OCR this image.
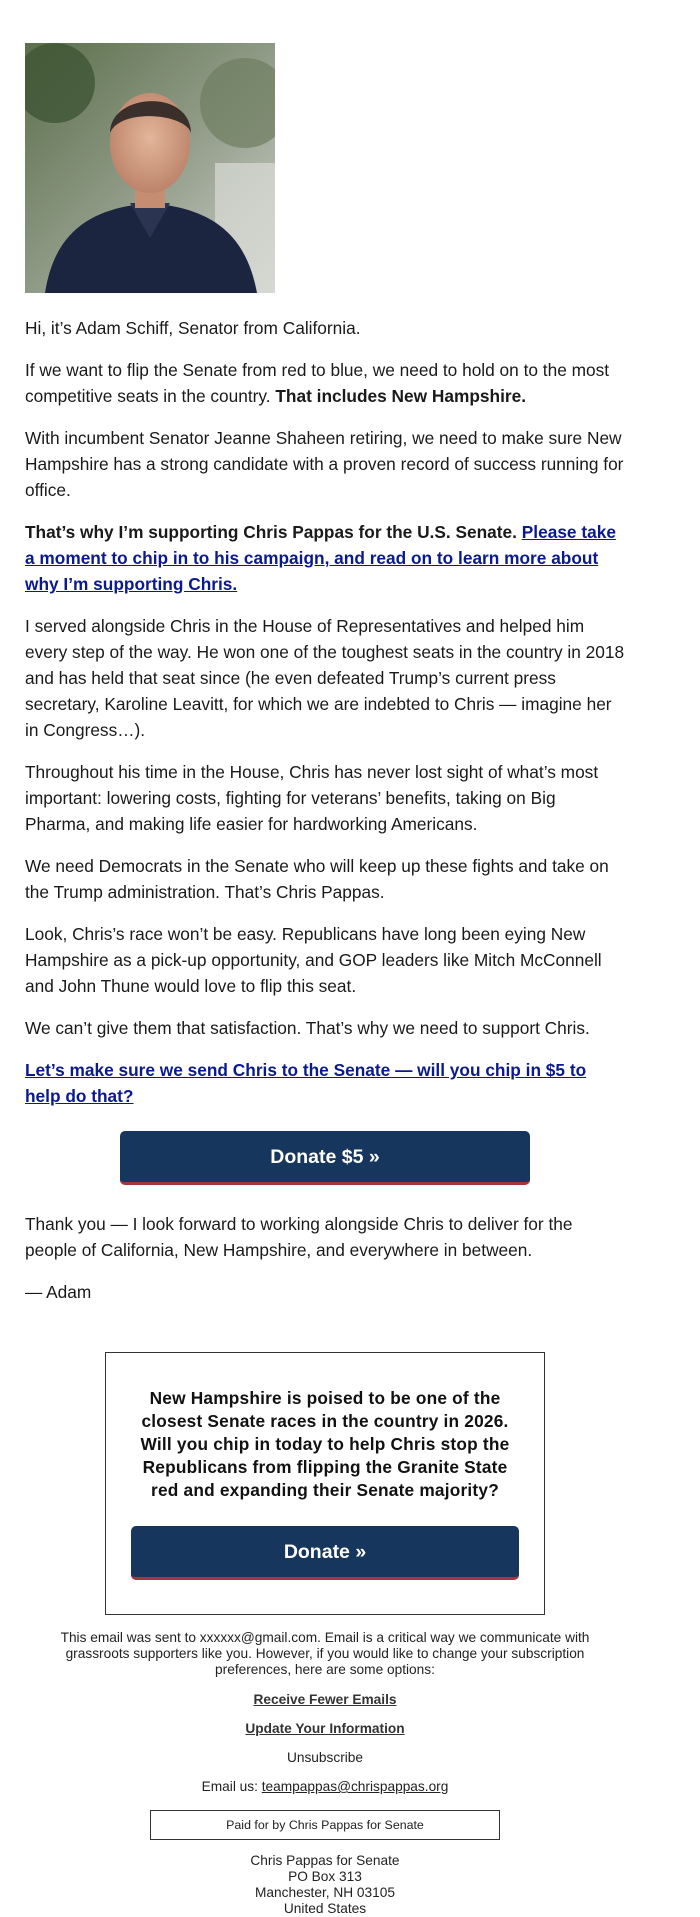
Hi, it’s Adam Schiff, Senator from California.

If we want to flip the Senate from red to blue, we need to hold on to the most competitive seats in the country. That includes New Hampshire.

With incumbent Senator Jeanne Shaheen retiring, we need to make sure New Hampshire has a strong candidate with a proven record of success running for office.

That’s why I’m supporting Chris Pappas for the U.S. Senate. Please take a moment to chip in to his campaign, and read on to learn more about why I’m supporting Chris.

I served alongside Chris in the House of Representatives and helped him every step of the way. He won one of the toughest seats in the country in 2018 and has held that seat since (he even defeated Trump’s current press secretary, Karoline Leavitt, for which we are indebted to Chris — imagine her in Congress…).

Throughout his time in the House, Chris has never lost sight of what’s most important: lowering costs, fighting for veterans’ benefits, taking on Big Pharma, and making life easier for hardworking Americans.

We need Democrats in the Senate who will keep up these fights and take on the Trump administration. That’s Chris Pappas.

Look, Chris’s race won’t be easy. Republicans have long been eying New Hampshire as a pick-up opportunity, and GOP leaders like Mitch McConnell and John Thune would love to flip this seat.

We can’t give them that satisfaction. That’s why we need to support Chris.

Let’s make sure we send Chris to the Senate — will you chip in $5 to help do that?

Donate $5 »

Thank you — I look forward to working alongside Chris to deliver for the people of California, New Hampshire, and everywhere in between.

— Adam

New Hampshire is poised to be one of the closest Senate races in the country in 2026. Will you chip in today to help Chris stop the Republicans from flipping the Granite State red and expanding their Senate majority?

Donate »
This email was sent to xxxxxx@gmail.com. Email is a critical way we communicate with grassroots supporters like you. However, if you would like to change your subscription preferences, here are some options:
Receive Fewer Emails
Update Your Information
Unsubscribe
Email us: teampappas@chrispappas.org
Paid for by Chris Pappas for Senate
Chris Pappas for Senate
PO Box 313
Manchester, NH 03105
United States
